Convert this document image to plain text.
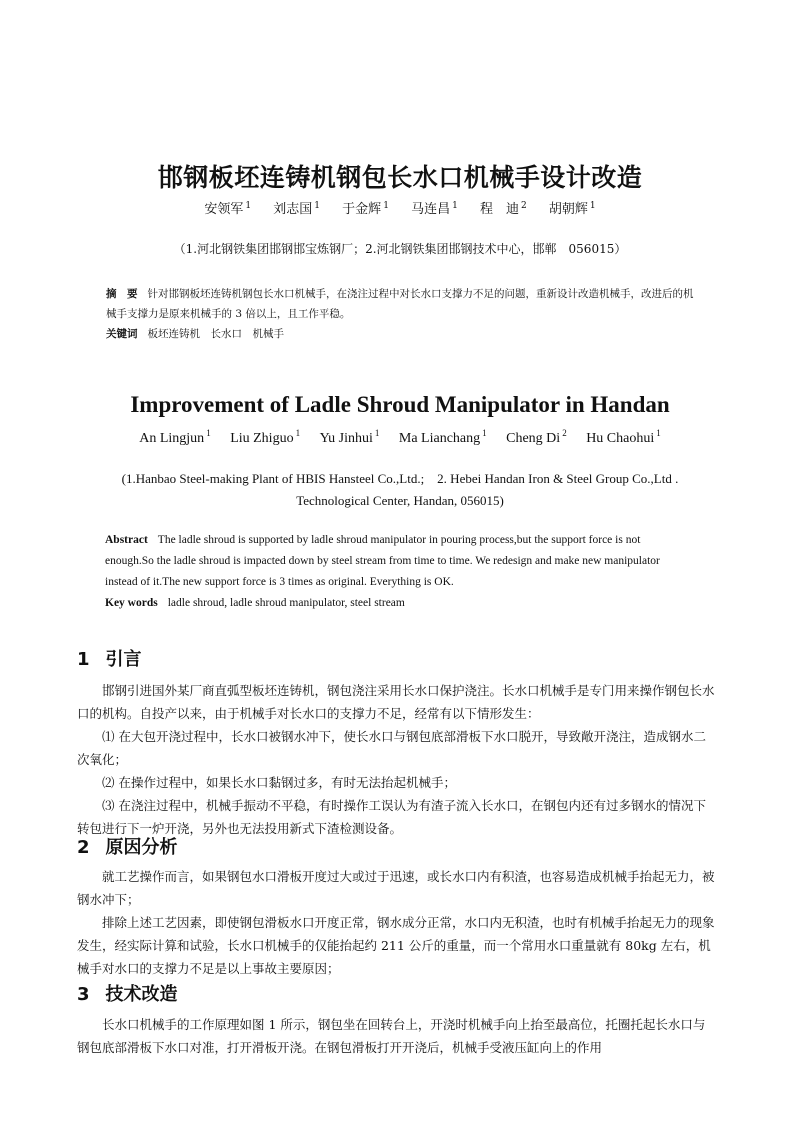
邯钢板坯连铸机钢包长水口机械手设计改造
安领军 $^1$ 刘志国 $^1$ 于金辉 $^1$ 马连昌 $^1$ 程　迪 $^2$ 胡朝辉 $^1$
（1.河北钢铁集团邯钢邯宝炼钢厂；2.河北钢铁集团邯钢技术中心，邯郸　056015）
摘　要 针对邯钢板坯连铸机钢包长水口机械手，在浇注过程中对长水口支撑力不足的问题，重新设计改造机械手，改进后的机械手支撑力是原来机械手的 3 倍以上，且工作平稳。
关键词 板坯连铸机　长水口　机械手
Improvement of Ladle Shroud Manipulator in Handan
An Lingjun $^1$ Liu Zhiguo $^1$ Yu Jinhui $^1$ Ma Lianchang $^1$ Cheng Di $^2$ Hu Chaohui $^1$
(1.Hanbao Steel-making Plant of HBIS Hansteel Co.,Ltd.;　2. Hebei Handan Iron & Steel Group Co.,Ltd .
Technological Center, Handan, 056015)
Abstract The ladle shroud is supported by ladle shroud manipulator in pouring process,but the support force is not enough.So the ladle shroud is impacted down by steel stream from time to time. We redesign and make new manipulator instead of it.The new support force is 3 times as original. Everything is OK.
Key words ladle shroud, ladle shroud manipulator, steel stream
1 引言

邯钢引进国外某厂商直弧型板坯连铸机，钢包浇注采用长水口保护浇注。长水口机械手是专门用来操作钢包长水口的机构。自投产以来，由于机械手对长水口的支撑力不足，经常有以下情形发生：

⑴ 在大包开浇过程中，长水口被钢水冲下，使长水口与钢包底部滑板下水口脱开，导致敞开浇注，造成钢水二次氧化；

⑵ 在操作过程中，如果长水口黏钢过多，有时无法抬起机械手；

⑶ 在浇注过程中，机械手振动不平稳，有时操作工误认为有渣子流入长水口，在钢包内还有过多钢水的情况下转包进行下一炉开浇，另外也无法投用新式下渣检测设备。

2 原因分析

就工艺操作而言，如果钢包水口滑板开度过大或过于迅速，或长水口内有积渣，也容易造成机械手抬起无力，被钢水冲下；

排除上述工艺因素，即使钢包滑板水口开度正常，钢水成分正常，水口内无积渣，也时有机械手抬起无力的现象发生，经实际计算和试验，长水口机械手的仅能抬起约 211 公斤的重量，而一个常用水口重量就有 80kg 左右，机械手对水口的支撑力不足是以上事故主要原因；

3 技术改造

长水口机械手的工作原理如图 1 所示，钢包坐在回转台上，开浇时机械手向上抬至最高位，托圈托起长水口与钢包底部滑板下水口对准，打开滑板开浇。在钢包滑板打开开浇后，机械手受液压缸向上的作用
